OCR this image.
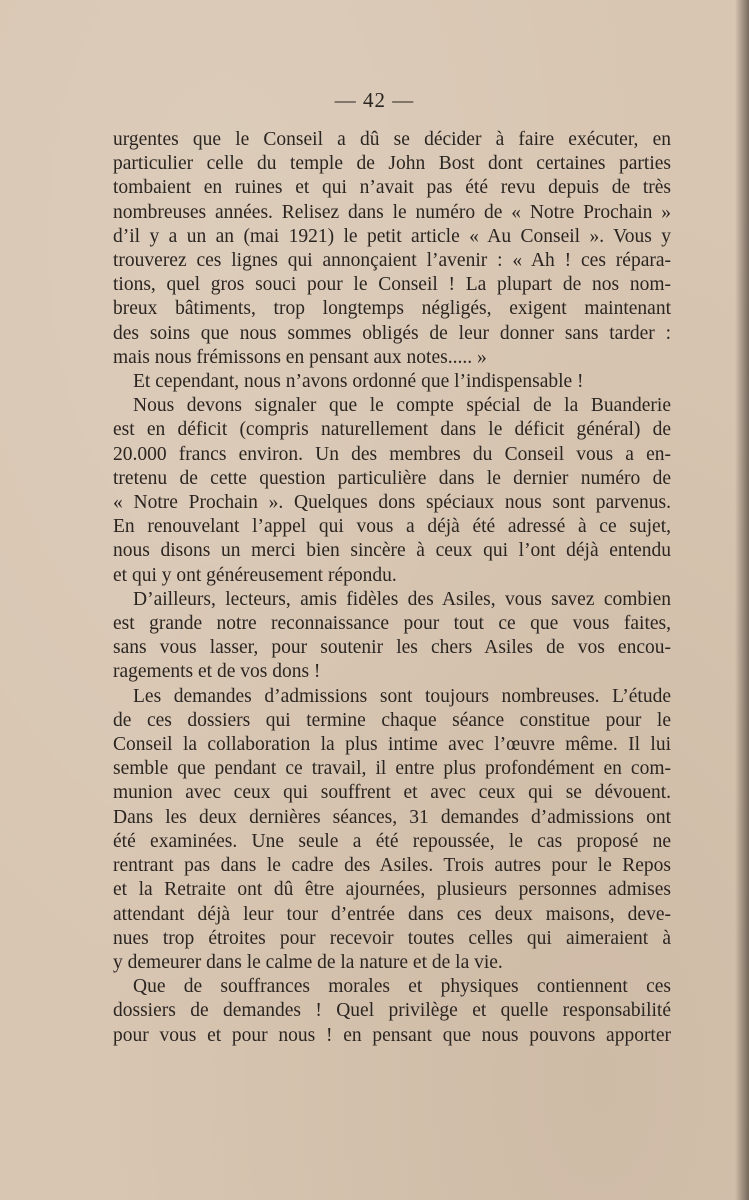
— 42 —
urgentes que le Conseil a dû se décider à faire exécuter, en
particulier celle du temple de John Bost dont certaines parties
tombaient en ruines et qui n’avait pas été revu depuis de très
nombreuses années. Relisez dans le numéro de « Notre Prochain »
d’il y a un an (mai 1921) le petit article « Au Conseil ». Vous y
trouverez ces lignes qui annonçaient l’avenir : « Ah ! ces répara-
tions, quel gros souci pour le Conseil ! La plupart de nos nom-
breux bâtiments, trop longtemps négligés, exigent maintenant
des soins que nous sommes obligés de leur donner sans tarder :
mais nous frémissons en pensant aux notes..... »
Et cependant, nous n’avons ordonné que l’indispensable !
Nous devons signaler que le compte spécial de la Buanderie
est en déficit (compris naturellement dans le déficit général) de
20.000 francs environ. Un des membres du Conseil vous a en-
tretenu de cette question particulière dans le dernier numéro de
« Notre Prochain ». Quelques dons spéciaux nous sont parvenus.
En renouvelant l’appel qui vous a déjà été adressé à ce sujet,
nous disons un merci bien sincère à ceux qui l’ont déjà entendu
et qui y ont généreusement répondu.
D’ailleurs, lecteurs, amis fidèles des Asiles, vous savez combien
est grande notre reconnaissance pour tout ce que vous faites,
sans vous lasser, pour soutenir les chers Asiles de vos encou-
ragements et de vos dons !
Les demandes d’admissions sont toujours nombreuses. L’étude
de ces dossiers qui termine chaque séance constitue pour le
Conseil la collaboration la plus intime avec l’œuvre même. Il lui
semble que pendant ce travail, il entre plus profondément en com-
munion avec ceux qui souffrent et avec ceux qui se dévouent.
Dans les deux dernières séances, 31 demandes d’admissions ont
été examinées. Une seule a été repoussée, le cas proposé ne
rentrant pas dans le cadre des Asiles. Trois autres pour le Repos
et la Retraite ont dû être ajournées, plusieurs personnes admises
attendant déjà leur tour d’entrée dans ces deux maisons, deve-
nues trop étroites pour recevoir toutes celles qui aimeraient à
y demeurer dans le calme de la nature et de la vie.
Que de souffrances morales et physiques contiennent ces
dossiers de demandes ! Quel privilège et quelle responsabilité
pour vous et pour nous ! en pensant que nous pouvons apporter
